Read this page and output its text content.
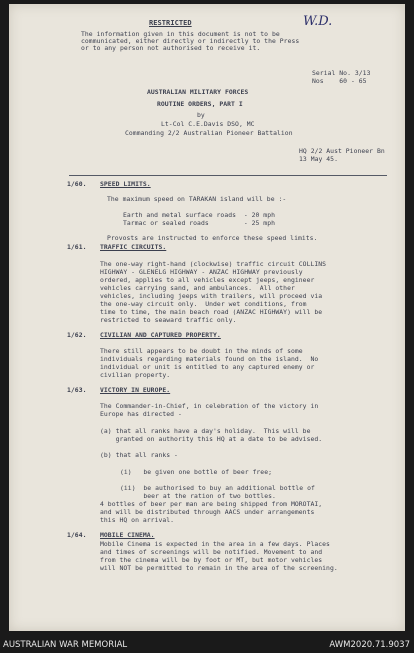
RESTRICTED	W.D.
The information given in this document is not to be
communicated, either directly or indirectly to the Press
or to any person not authorised to receive it.
Serial No. 3/13
Nos    60 - 65
AUSTRALIAN MILITARY FORCES
ROUTINE ORDERS, PART I
by
Lt-Col C.E.Davis DSO, MC
Commanding 2/2 Australian Pioneer Battalion
HQ 2/2 Aust Pioneer Bn
13 May 45.
1/60. SPEED LIMITS.
The maximum speed on TARAKAN island will be :-
Earth and metal surface roads  - 20 mph
Tarmac or sealed roads         - 25 mph
Provosts are instructed to enforce these speed limits.
1/61. TRAFFIC CIRCUITS.
The one-way right-hand (clockwise) traffic circuit COLLINS
HIGHWAY - GLENELG HIGHWAY - ANZAC HIGHWAY previously
ordered, applies to all vehicles except jeeps, engineer
vehicles carrying sand, and ambulances.  All other
vehicles, including jeeps with trailers, will proceed via
the one-way circuit only.  Under wet conditions, from
time to time, the main beach road (ANZAC HIGHWAY) will be
restricted to seaward traffic only.
1/62. CIVILIAN AND CAPTURED PROPERTY.
There still appears to be doubt in the minds of some
individuals regarding materials found on the island.  No
individual or unit is entitled to any captured enemy or
civilian property.
1/63. VICTORY IN EUROPE.
The Commander-in-Chief, in celebration of the victory in
Europe has directed -
(a) that all ranks have a day's holiday.  This will be
granted on authority this HQ at a date to be advised.
(b) that all ranks -
(i)   be given one bottle of beer free;
(ii)  be authorised to buy an additional bottle of
beer at the ration of two bottles.
4 bottles of beer per man are being shipped from MOROTAI,
and will be distributed through AACS under arrangements
this HQ on arrival.
1/64. MOBILE CINEMA.
Mobile Cinema is expected in the area in a few days. Places
and times of screenings will be notified. Movement to and
from the cinema will be by foot or MT, but motor vehicles
will NOT be permitted to remain in the area of the screening.
AUSTRALIAN WAR MEMORIAL	AWM2020.71.9037
